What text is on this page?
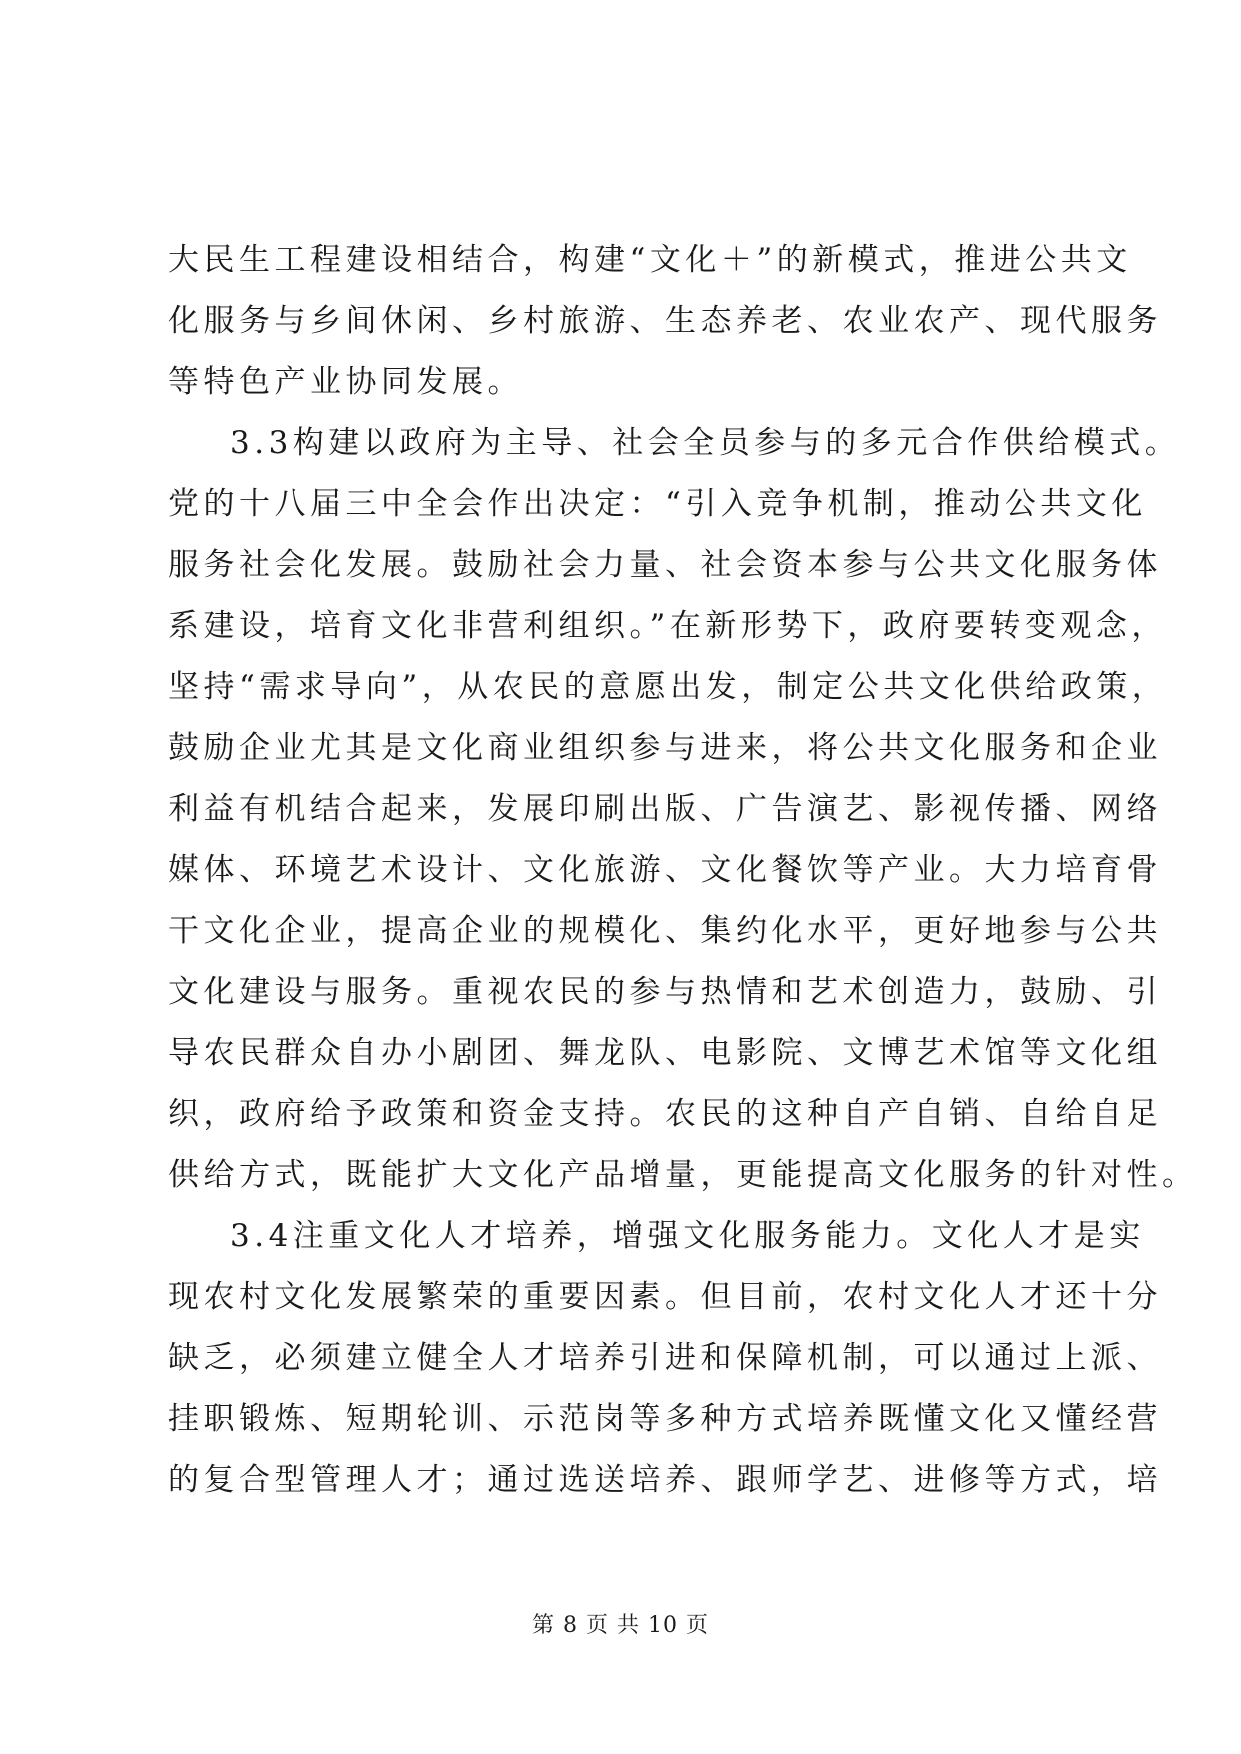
大民生工程建设相结合，构建“文化＋”的新模式，推进公共文
化服务与乡间休闲、乡村旅游、生态养老、农业农产、现代服务
等特色产业协同发展。
3.3构建以政府为主导、社会全员参与的多元合作供给模式。
党的十八届三中全会作出决定：“引入竞争机制，推动公共文化
服务社会化发展。鼓励社会力量、社会资本参与公共文化服务体
系建设，培育文化非营利组织。”在新形势下，政府要转变观念，
坚持“需求导向”，从农民的意愿出发，制定公共文化供给政策，
鼓励企业尤其是文化商业组织参与进来，将公共文化服务和企业
利益有机结合起来，发展印刷出版、广告演艺、影视传播、网络
媒体、环境艺术设计、文化旅游、文化餐饮等产业。大力培育骨
干文化企业，提高企业的规模化、集约化水平，更好地参与公共
文化建设与服务。重视农民的参与热情和艺术创造力，鼓励、引
导农民群众自办小剧团、舞龙队、电影院、文博艺术馆等文化组
织，政府给予政策和资金支持。农民的这种自产自销、自给自足
供给方式，既能扩大文化产品增量，更能提高文化服务的针对性。
3.4注重文化人才培养，增强文化服务能力。文化人才是实
现农村文化发展繁荣的重要因素。但目前，农村文化人才还十分
缺乏，必须建立健全人才培养引进和保障机制，可以通过上派、
挂职锻炼、短期轮训、示范岗等多种方式培养既懂文化又懂经营
的复合型管理人才；通过选送培养、跟师学艺、进修等方式，培
第 8 页 共 10 页
